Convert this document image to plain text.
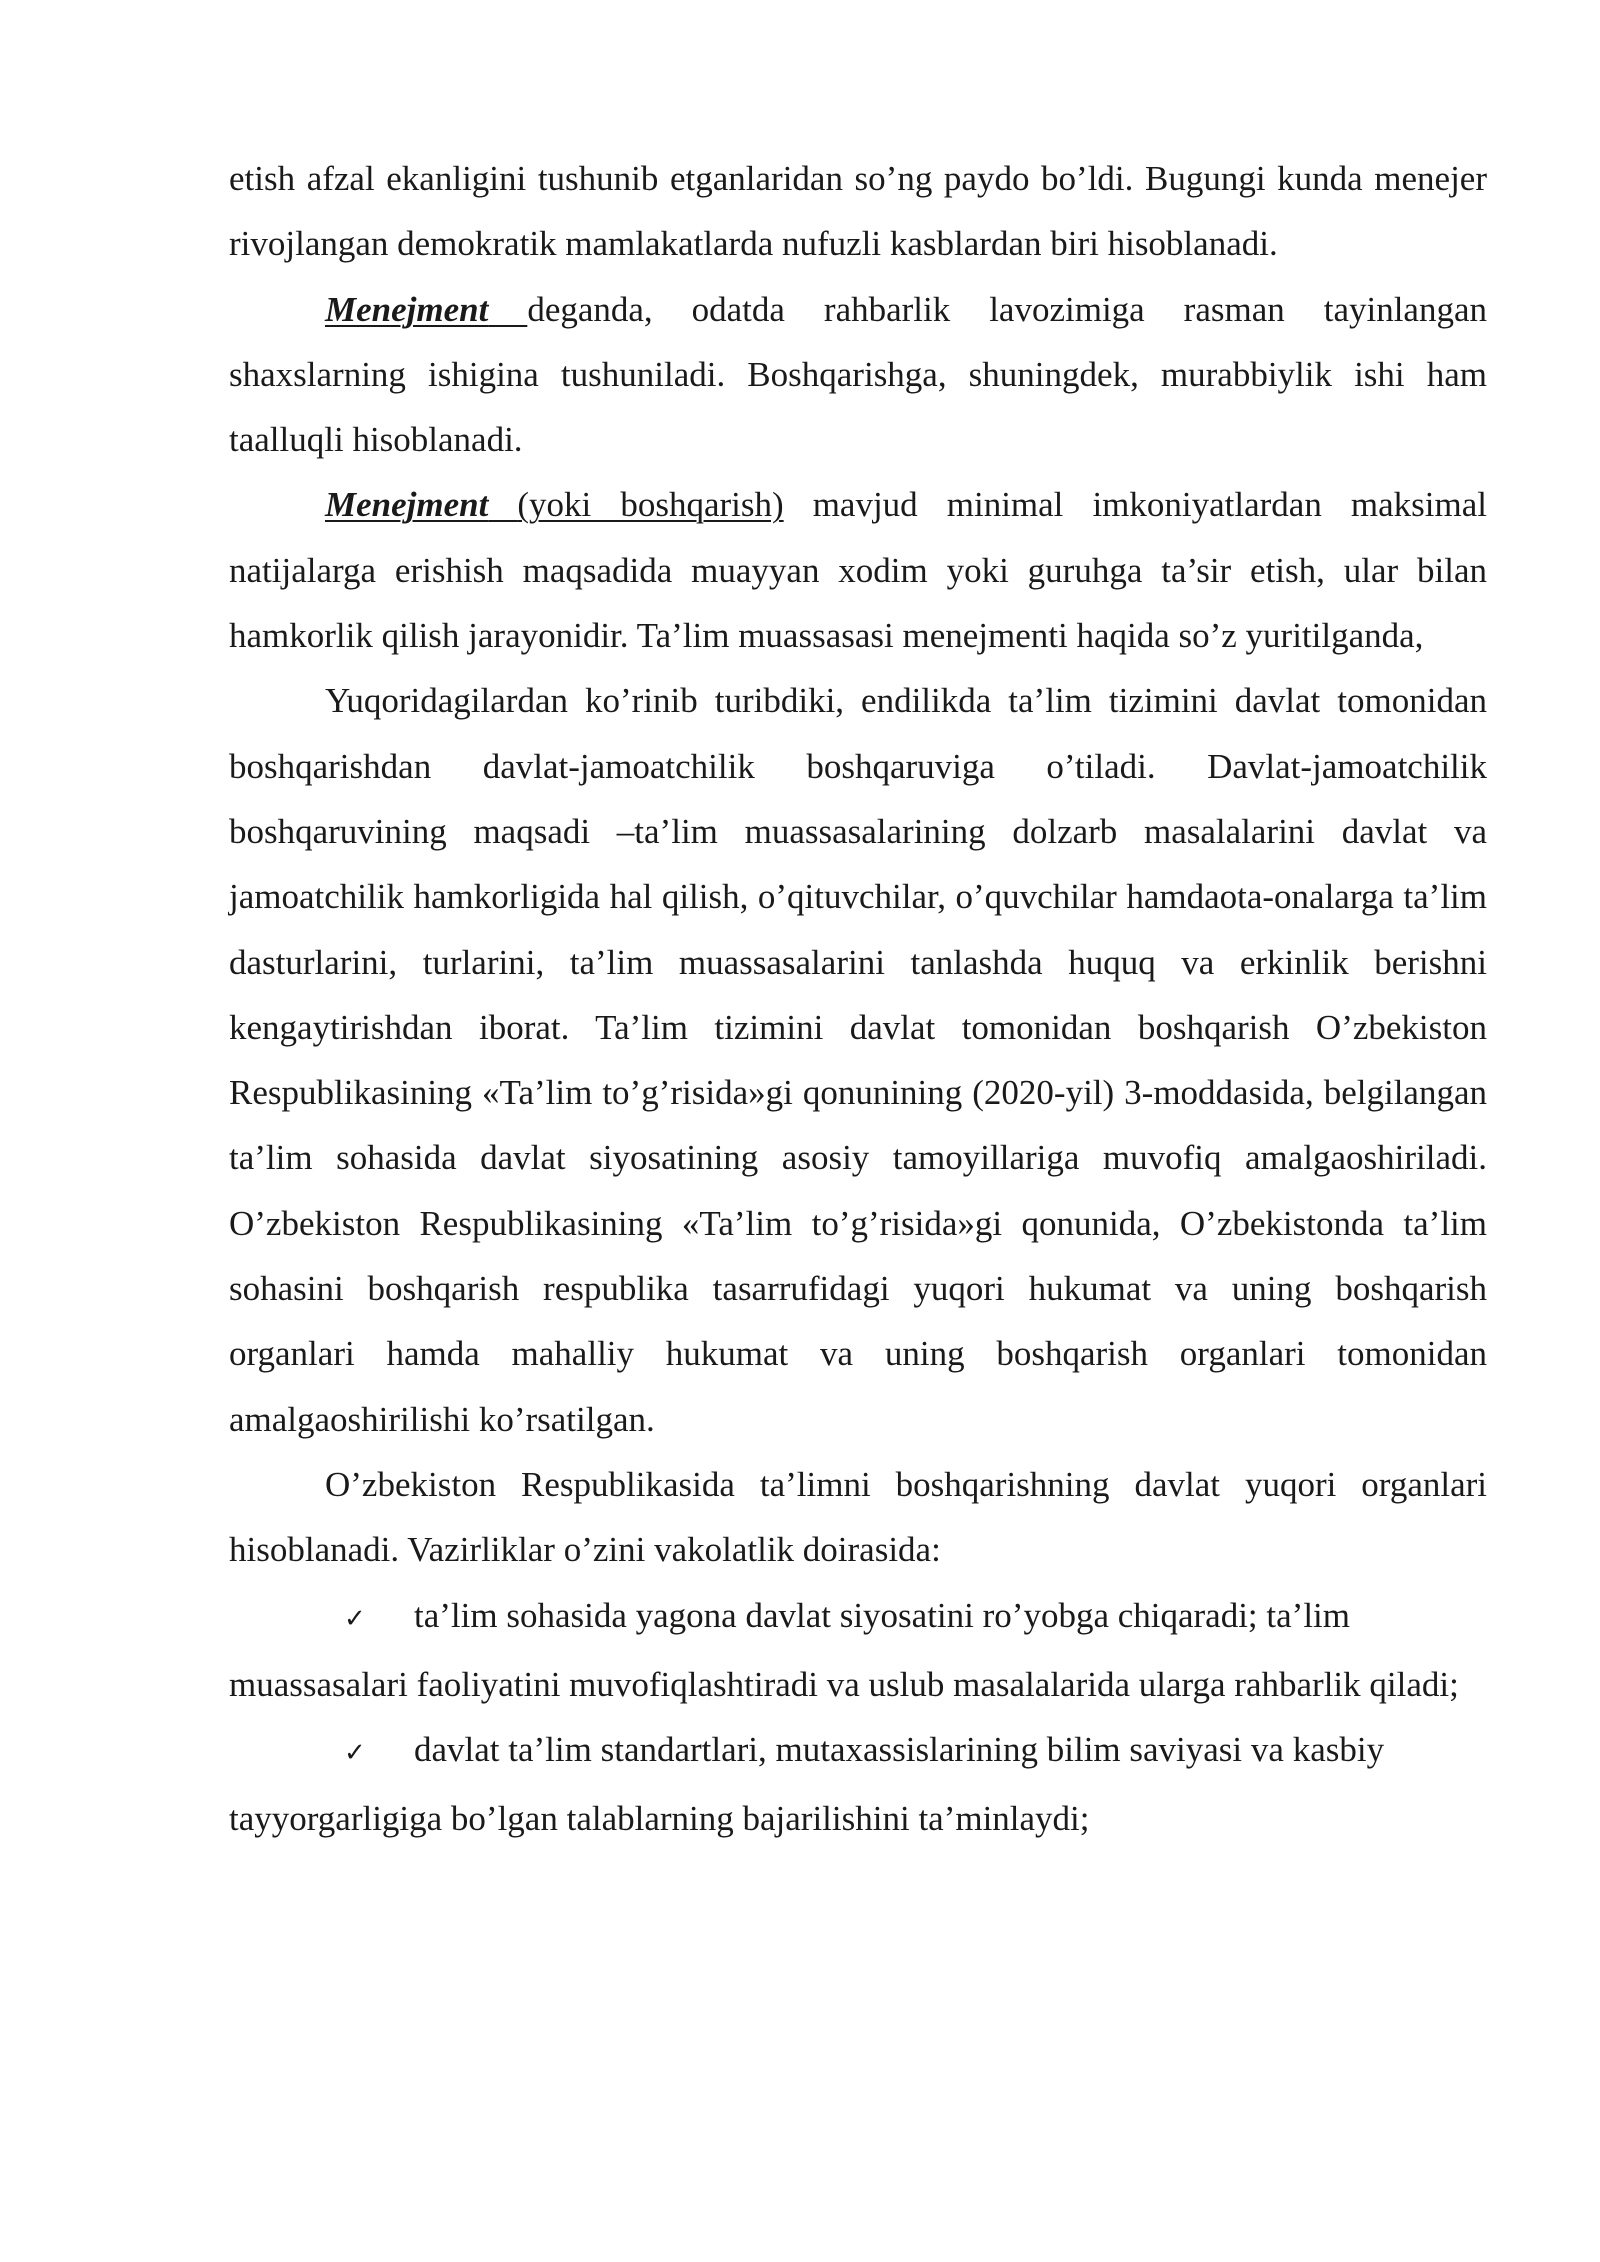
etish afzal ekanligini tushunib etganlaridan so’ng paydo bo’ldi. Bugungi kunda menejer rivojlangan demokratik mamlakatlarda nufuzli kasblardan biri hisoblanadi.

Menejment deganda, odatda rahbarlik lavozimiga rasman tayinlangan shaxslarning ishigina tushuniladi. Boshqarishga, shuningdek, murabbiylik ishi ham taalluqli hisoblanadi.

Menejment (yoki boshqarish) mavjud minimal imkoniyatlardan maksimal natijalarga erishish maqsadida muayyan xodim yoki guruhga ta’sir etish, ular bilan hamkorlik qilish jarayonidir. Ta’lim muassasasi menejmenti haqida so’z yuritilganda,

Yuqoridagilardan ko’rinib turibdiki, endilikda ta’lim tizimini davlat tomonidan boshqarishdan davlat-jamoatchilik boshqaruviga o’tiladi. Davlat-jamoatchilik boshqaruvining maqsadi –ta’lim muassasalarining dolzarb masalalarini davlat va jamoatchilik hamkorligida hal qilish, o’qituvchilar, o’quvchilar hamdaota-onalarga ta’lim dasturlarini, turlarini, ta’lim muassasalarini tanlashda huquq va erkinlik berishni kengaytirishdan iborat. Ta’lim tizimini davlat tomonidan boshqarish O’zbekiston Respublikasining «Ta’lim to’g’risida»gi qonunining (2020-yil) 3-moddasida, belgilangan ta’lim sohasida davlat siyosatining asosiy tamoyillariga muvofiq amalgaoshiriladi. O’zbekiston Respublikasining «Ta’lim to’g’risida»gi qonunida, O’zbekistonda ta’lim sohasini boshqarish respublika tasarrufidagi yuqori hukumat va uning boshqarish organlari hamda mahalliy hukumat va uning boshqarish organlari tomonidan amalgaoshirilishi ko’rsatilgan.

O’zbekiston Respublikasida ta’limni boshqarishning davlat yuqori organlari hisoblanadi. Vazirliklar o’zini vakolatlik doirasida:

✓ ta’lim sohasida yagona davlat siyosatini ro’yobga chiqaradi; ta’lim muassasalari faoliyatini muvofiqlashtiradi va uslub masalalarida ularga rahbarlik qiladi;

✓ davlat ta’lim standartlari, mutaxassislarining bilim saviyasi va kasbiy tayyorgarligiga bo’lgan talablarning bajarilishini ta’minlaydi;
